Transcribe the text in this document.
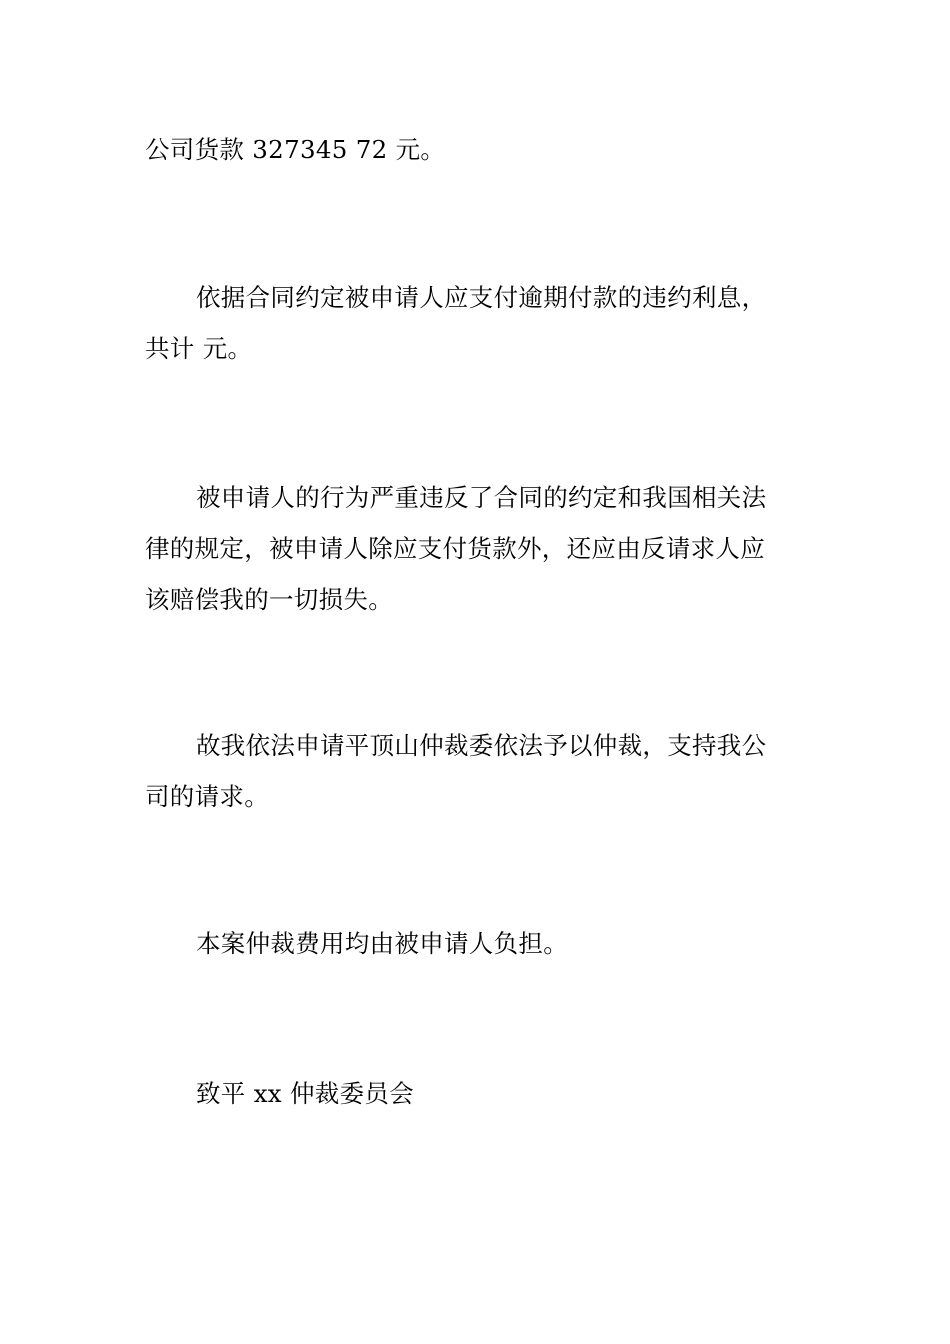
公司货款 327345 72 元。

依据合同约定被申请人应支付逾期付款的违约利息，
共计 元。

被申请人的行为严重违反了合同的约定和我国相关法
律的规定，被申请人除应支付货款外，还应由反请求人应
该赔偿我的一切损失。

故我依法申请平顶山仲裁委依法予以仲裁，支持我公
司的请求。

本案仲裁费用均由被申请人负担。

致平 xx 仲裁委员会
